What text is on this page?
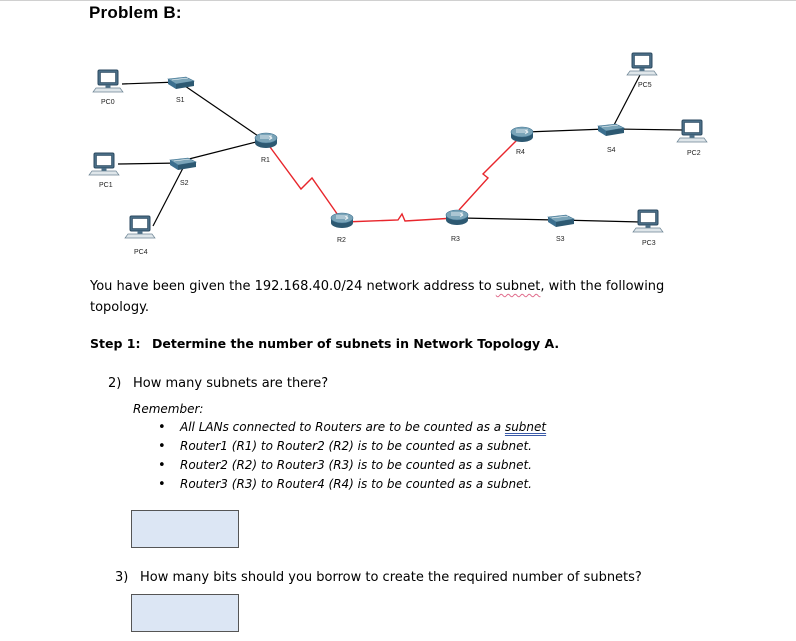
Problem B:
PC0
PC1
PC4
PC5
PC2
PC3
S1
S2
S3
S4
R1
R2	R3
R4
You have been given the 192.168.40.0/24 network address to subnet, with the following topology.
Step 1: Determine the number of subnets in Network Topology A.
2) How many subnets are there?
Remember:
• All LANs connected to Routers are to be counted as a subnet
• Router1 (R1) to Router2 (R2) is to be counted as a subnet.
• Router2 (R2) to Router3 (R3) is to be counted as a subnet.
• Router3 (R3) to Router4 (R4) is to be counted as a subnet.
3) How many bits should you borrow to create the required number of subnets?
